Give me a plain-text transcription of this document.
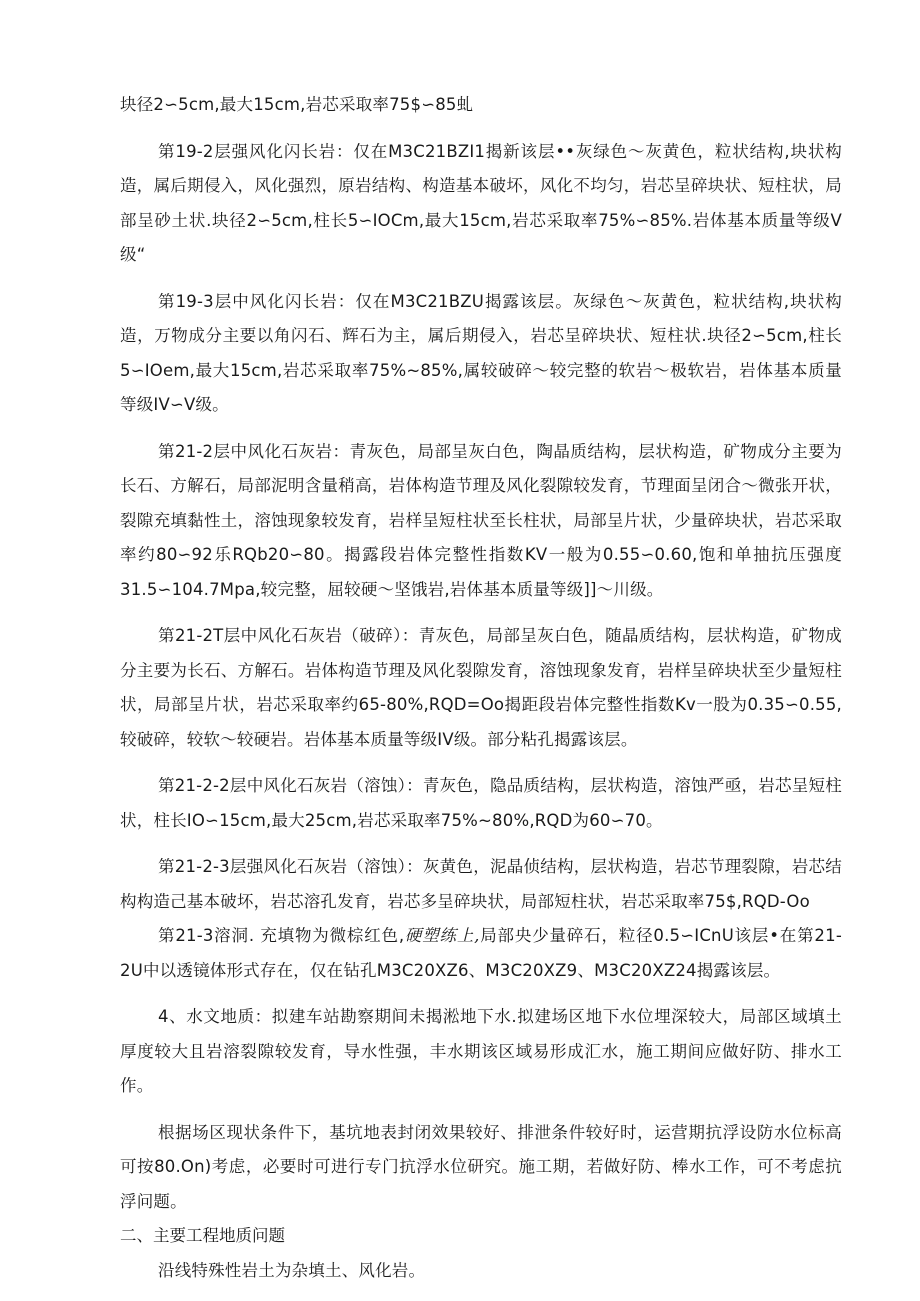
块径2∽5cm,最大15cm,岩芯采取率75$∽85虬

第19-2层强风化闪长岩：仅在M3C21BZI1揭新该层••灰绿色～灰黄色，粒状结构,块状构造，属后期侵入，风化强烈，原岩结构、构造基本破坏，风化不均匀，岩芯呈碎块状、短柱状，局部呈砂土状.块径2∽5cm,柱长5∽IOCm,最大15cm,岩芯采取率75%∽85%.岩体基本质量等级V级“

第19-3层中风化闪长岩：仅在M3C21BZU揭露该层。灰绿色～灰黄色，粒状结构,块状构造，万物成分主要以角闪石、辉石为主，属后期侵入，岩芯呈碎块状、短柱状.块径2∽5cm,柱长5∽IOem,最大15cm,岩芯采取率75%~85%,属较破碎～较完整的软岩～极软岩，岩体基本质量等级IV∽V级。

第21-2层中风化石灰岩：青灰色，局部呈灰白色，陶晶质结构，层状构造，矿物成分主要为长石、方解石，局部泥明含量稍高，岩体构造节理及风化裂隙较发育，节理面呈闭合～微张开状，裂隙充填黏性土，溶蚀现象较发育，岩样呈短柱状至长柱状，局部呈片状，少量碎块状，岩芯采取率约80∽92乐RQb20∽80。揭露段岩体完整性指数KV一般为0.55∽0.60,饱和单抽抗压强度31.5∽104.7Mpa,较完整，屈较硬～坚饿岩,岩体基本质量等级]]～川级。

第21-2T层中风化石灰岩（破碎）：青灰色，局部呈灰白色，随晶质结构，层状构造，矿物成分主要为长石、方解石。岩体构造节理及风化裂隙发育，溶蚀现象发育，岩样呈碎块状至少量短柱状，局部呈片状，岩芯采取率约65-80%,RQD=Oo揭距段岩体完整性指数Kv一股为0.35∽0.55,较破碎，较软～较硬岩。岩体基本质量等级IV级。部分粘孔揭露该层。

第21-2-2层中风化石灰岩（溶蚀）：青灰色，隐品质结构，层状构造，溶蚀严亟，岩芯呈短柱状，柱长IO∽15cm,最大25cm,岩芯采取率75%~80%,RQD为60∽70。

第21-2-3层强风化石灰岩（溶蚀）：灰黄色，泥晶侦结构，层状构造，岩芯节理裂隙，岩芯结构构造己基本破坏，岩芯溶孔发育，岩芯多呈碎块状，局部短柱状，岩芯采取率75$,RQD-Oo

第21-3溶洞. 充填物为微棕红色,硬塑练上,局部央少量碎石，粒径0.5∽ICnU该层•在第21-2U中以透镜体形式存在，仅在钻孔M3C20XZ6、M3C20XZ9、M3C20XZ24揭露该层。

4、水文地质：拟建车站勘察期间未揭淞地下水.拟建场区地下水位埋深较大，局部区域填土厚度较大且岩溶裂隙较发育，导水性强，丰水期该区域易形成汇水，施工期间应做好防、排水工作。

根据场区现状条件下，基坑地表封闭效果较好、排泄条件较好时，运营期抗浮设防水位标高可按80.On)考虑，必要时可进行专门抗浮水位研究。施工期，若做好防、棒水工作，可不考虑抗浮问题。

二、主要工程地质问题

沿线特殊性岩土为杂填土、风化岩。
